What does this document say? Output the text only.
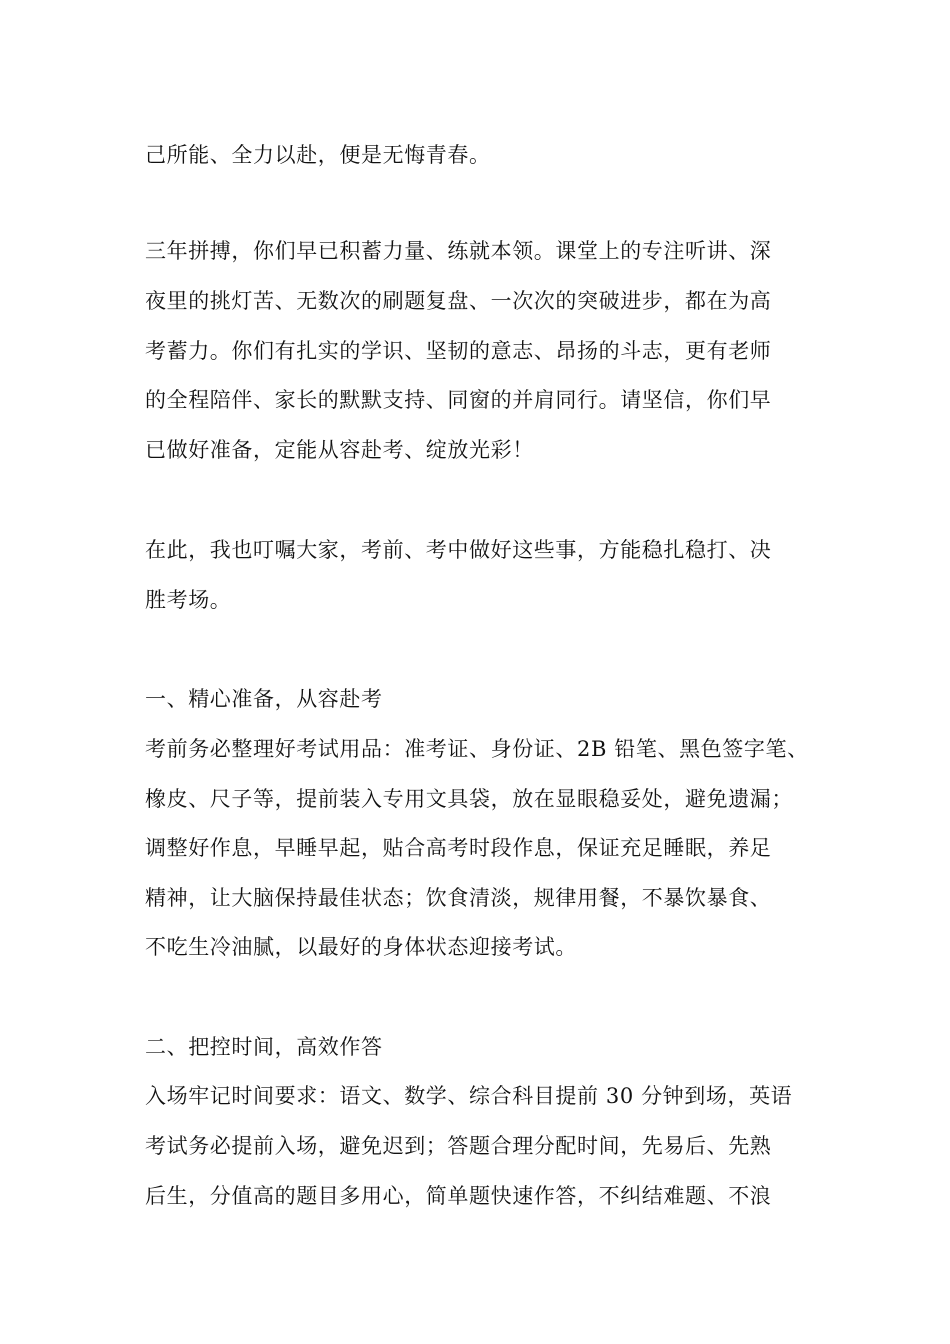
己所能、全力以赴，便是无悔青春。
三年拼搏，你们早已积蓄力量、练就本领。课堂上的专注听讲、深
夜里的挑灯苦、无数次的刷题复盘、一次次的突破进步，都在为高
考蓄力。你们有扎实的学识、坚韧的意志、昂扬的斗志，更有老师
的全程陪伴、家长的默默支持、同窗的并肩同行。请坚信，你们早
已做好准备，定能从容赴考、绽放光彩！
在此，我也叮嘱大家，考前、考中做好这些事，方能稳扎稳打、决
胜考场。
一、精心准备，从容赴考
考前务必整理好考试用品：准考证、身份证、2B 铅笔、黑色签字笔、
橡皮、尺子等，提前装入专用文具袋，放在显眼稳妥处，避免遗漏；
调整好作息，早睡早起，贴合高考时段作息，保证充足睡眠，养足
精神，让大脑保持最佳状态；饮食清淡，规律用餐，不暴饮暴食、
不吃生冷油腻，以最好的身体状态迎接考试。
二、把控时间，高效作答
入场牢记时间要求：语文、数学、综合科目提前 30 分钟到场，英语
考试务必提前入场，避免迟到；答题合理分配时间，先易后、先熟
后生，分值高的题目多用心，简单题快速作答，不纠结难题、不浪
